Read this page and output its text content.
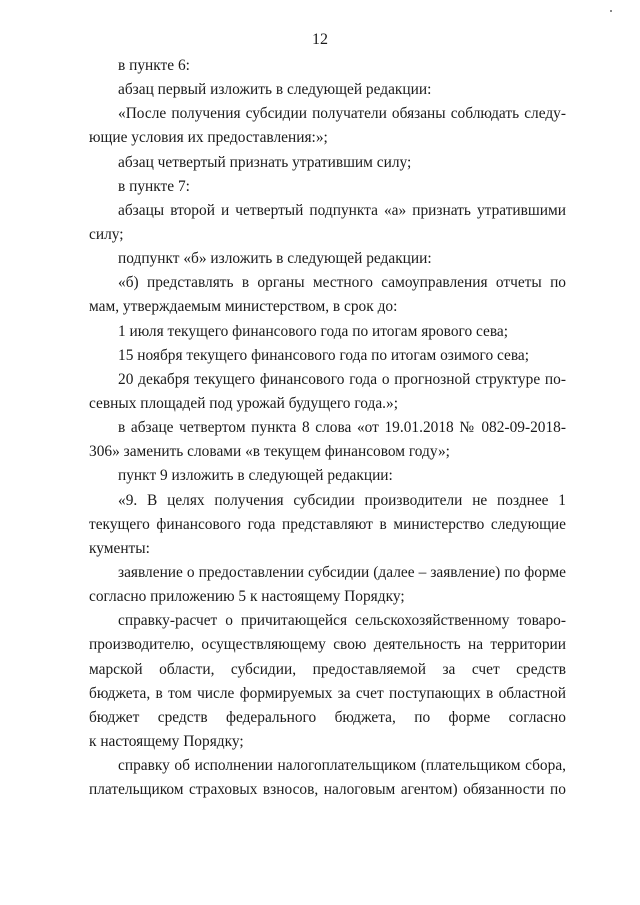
12
в пункте 6:
абзац первый изложить в следующей редакции:
«После получения субсидии получатели обязаны соблюдать следу-
ющие условия их предоставления:»;
абзац четвертый признать утратившим силу;
в пункте 7:
абзацы второй и четвертый подпункта «а» признать утратившими
силу;
подпункт «б» изложить в следующей редакции:
«б) представлять в органы местного самоуправления отчеты по
мам, утверждаемым министерством, в срок до:
1 июля текущего финансового года по итогам ярового сева;
15 ноября текущего финансового года по итогам озимого сева;
20 декабря текущего финансового года о прогнозной структуре по-
севных площадей под урожай будущего года.»;
в абзаце четвертом пункта 8 слова «от 19.01.2018 № 082-09-2018-
306» заменить словами «в текущем финансовом году»;
пункт 9 изложить в следующей редакции:
«9. В целях получения субсидии производители не позднее 1
текущего финансового года представляют в министерство следующие
кументы:
заявление о предоставлении субсидии (далее – заявление) по форме
согласно приложению 5 к настоящему Порядку;
справку-расчет о причитающейся сельскохозяйственному товаро-
производителю, осуществляющему свою деятельность на территории
марской области, субсидии, предоставляемой за счет средств
бюджета, в том числе формируемых за счет поступающих в областной
бюджет средств федерального бюджета, по форме согласно
к настоящему Порядку;
справку об исполнении налогоплательщиком (плательщиком сбора,
плательщиком страховых взносов, налоговым агентом) обязанности по
